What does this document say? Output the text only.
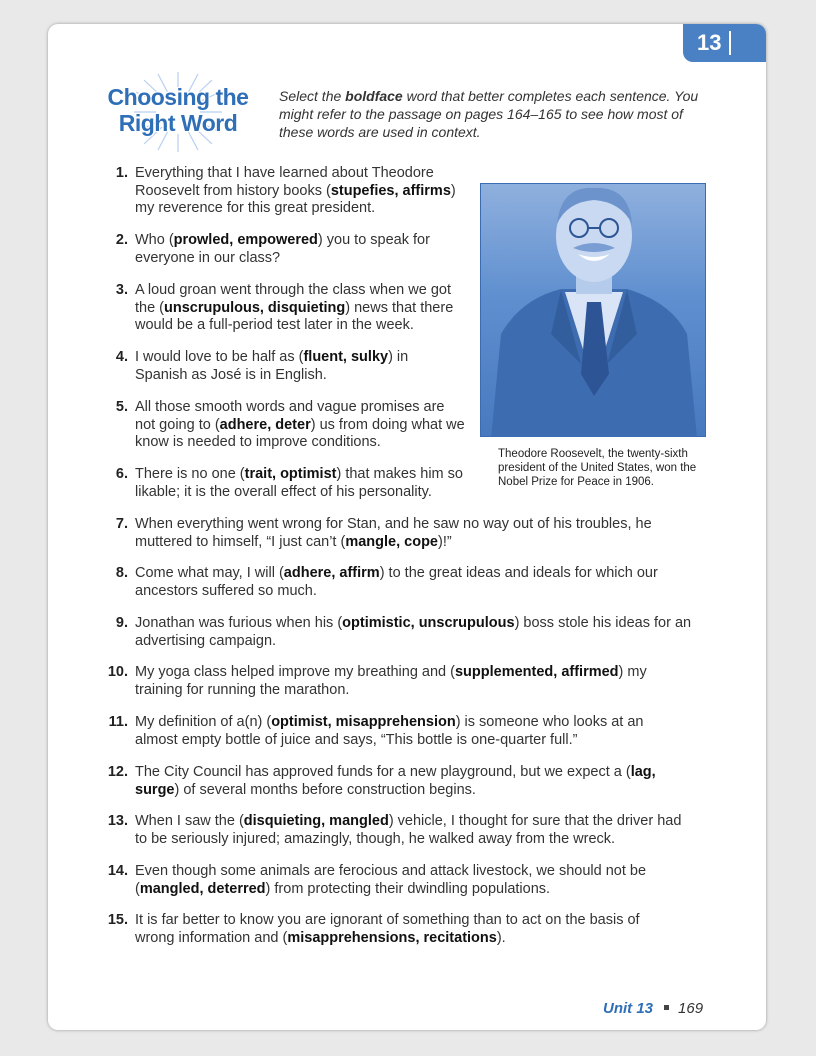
13
Choosing the
Right Word
Select the boldface word that better completes each sentence. You might refer to the passage on pages 164–165 to see how most of these words are used in context.
Theodore Roosevelt, the twenty-sixth president of the United States, won the Nobel Prize for Peace in 1906.
1. Everything that I have learned about Theodore Roosevelt from history books (stupefies, affirms) my reverence for this great president.
2. Who (prowled, empowered) you to speak for everyone in our class?
3. A loud groan went through the class when we got the (unscrupulous, disquieting) news that there would be a full-period test later in the week.
4. I would love to be half as (fluent, sulky) in Spanish as José is in English.
5. All those smooth words and vague promises are not going to (adhere, deter) us from doing what we know is needed to improve conditions.
6. There is no one (trait, optimist) that makes him so likable; it is the overall effect of his personality.
7. When everything went wrong for Stan, and he saw no way out of his troubles, he muttered to himself, “I just can’t (mangle, cope)!”
8. Come what may, I will (adhere, affirm) to the great ideas and ideals for which our ancestors suffered so much.
9. Jonathan was furious when his (optimistic, unscrupulous) boss stole his ideas for an advertising campaign.
10. My yoga class helped improve my breathing and (supplemented, affirmed) my training for running the marathon.
11. My definition of a(n) (optimist, misapprehension) is someone who looks at an almost empty bottle of juice and says, “This bottle is one-quarter full.”
12. The City Council has approved funds for a new playground, but we expect a (lag, surge) of several months before construction begins.
13. When I saw the (disquieting, mangled) vehicle, I thought for sure that the driver had to be seriously injured; amazingly, though, he walked away from the wreck.
14. Even though some animals are ferocious and attack livestock, we should not be (mangled, deterred) from protecting their dwindling populations.
15. It is far better to know you are ignorant of something than to act on the basis of wrong information and (misapprehensions, recitations).
Unit 13 169
